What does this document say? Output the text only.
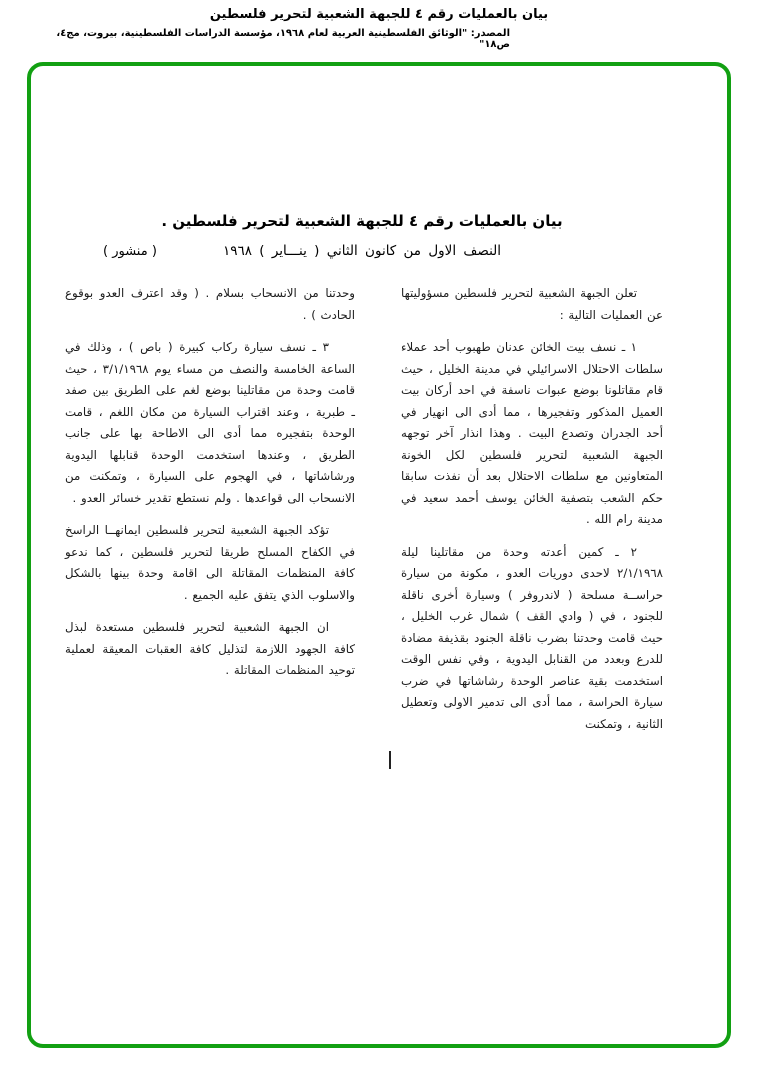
بيان بالعمليات رقم ٤ للجبهة الشعبية لتحرير فلسطين
المصدر: "الوثائق الفلسطينية العربية لعام ١٩٦٨، مؤسسة الدراسات الفلسطينية، بيروت، مج٤، ص١٨"
بيان بالعمليات رقم ٤ للجبهة الشعبية لتحرير فلسطين .
النصف الاول من كانون الثاني ( ينـــاير ) ١٩٦٨
( منشور )

تعلن الجبهة الشعبية لتحرير فلسطين مسؤوليتها عن العمليات التالية :

١ ـ نسف بيت الخائن عدنان طهبوب أحد عملاء سلطات الاحتلال الاسرائيلي في مدينة الخليل ، حيث قام مقاتلونا بوضع عبوات ناسفة في احد أركان بيت العميل المذكور وتفجيرها ، مما أدى الى انهيار في أحد الجدران وتصدع البيت . وهذا انذار آخر توجهه الجبهة الشعبية لتحرير فلسطين لكل الخونة المتعاونين مع سلطات الاحتلال بعد أن نفذت سابقا حكم الشعب بتصفية الخائن يوسف أحمد سعيد في مدينة رام الله .

٢ ـ كمين أعدته وحدة من مقاتلينا ليلة ٢/١/١٩٦٨ لاحدى دوريات العدو ، مكونة من سيارة حراســة مسلحة ( لاندروفر ) وسيارة أخرى ناقلة للجنود ، في ( وادي القف ) شمال غرب الخليل ، حيث قامت وحدتنا بضرب ناقلة الجنود بقذيفة مضادة للدرع وبعدد من القنابل اليدوية ، وفي نفس الوقت استخدمت بقية عناصر الوحدة رشاشاتها في ضرب سيارة الحراسة ، مما أدى الى تدمير الاولى وتعطيل الثانية ، وتمكنت

وحدتنا من الانسحاب بسلام . ( وقد اعترف العدو بوقوع الحادث ) .

٣ ـ نسف سيارة ركاب كبيرة ( باص ) ، وذلك في الساعة الخامسة والنصف من مساء يوم ٣/١/١٩٦٨ ، حيث قامت وحدة من مقاتلينا بوضع لغم على الطريق بين صفد ـ طبرية ، وعند اقتراب السيارة من مكان اللغم ، قامت الوحدة بتفجيره مما أدى الى الاطاحة بها على جانب الطريق ، وعندها استخدمت الوحدة قنابلها اليدوية ورشاشاتها ، في الهجوم على السيارة ، وتمكنت من الانسحاب الى قواعدها . ولم نستطع تقدير خسائر العدو .

تؤكد الجبهة الشعبية لتحرير فلسطين ايمانهــا الراسخ في الكفاح المسلح طريقا لتحرير فلسطين ، كما ندعو كافة المنظمات المقاتلة الى اقامة وحدة بينها بالشكل والاسلوب الذي يتفق عليه الجميع .

ان الجبهة الشعبية لتحرير فلسطين مستعدة لبذل كافة الجهود اللازمة لتذليل كافة العقبات المعيقة لعملية توحيد المنظمات المقاتلة .
